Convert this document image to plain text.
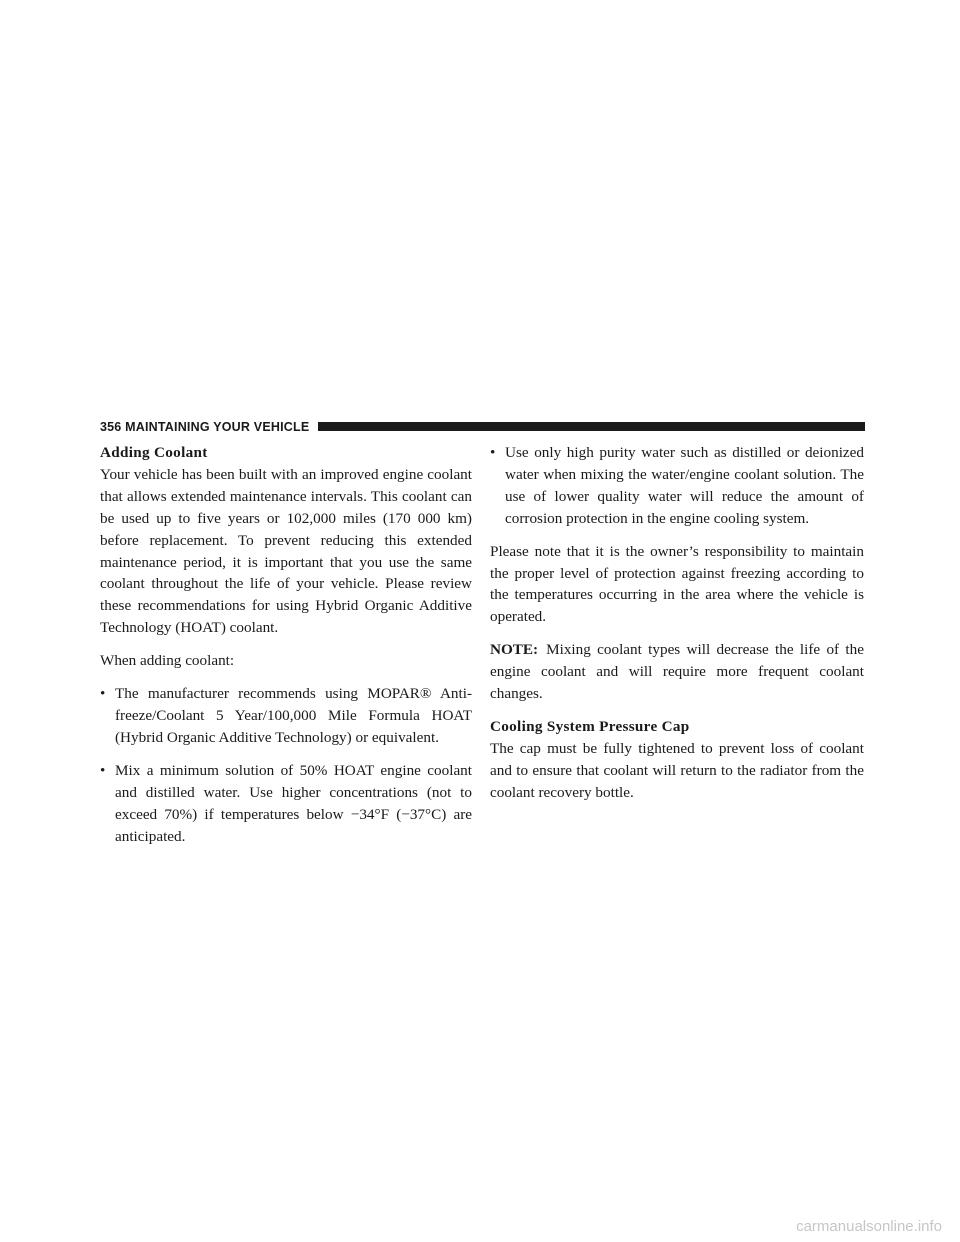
356 MAINTAINING YOUR VEHICLE
Adding Coolant

Your vehicle has been built with an improved engine coolant that allows extended maintenance intervals. This coolant can be used up to five years or 102,000 miles (170 000 km) before replacement. To prevent reducing this extended maintenance period, it is important that you use the same coolant throughout the life of your vehicle. Please review these recommendations for using Hybrid Organic Additive Technology (HOAT) coolant.

When adding coolant:

• The manufacturer recommends using MOPAR® Anti-freeze/Coolant 5 Year/100,000 Mile Formula HOAT (Hybrid Organic Additive Technology) or equivalent.
• Mix a minimum solution of 50% HOAT engine coolant and distilled water. Use higher concentrations (not to exceed 70%) if temperatures below −34°F (−37°C) are anticipated.
• Use only high purity water such as distilled or deionized water when mixing the water/engine coolant solution. The use of lower quality water will reduce the amount of corrosion protection in the engine cooling system.

Please note that it is the owner’s responsibility to maintain the proper level of protection against freezing according to the temperatures occurring in the area where the vehicle is operated.

NOTE: Mixing coolant types will decrease the life of the engine coolant and will require more frequent coolant changes.

Cooling System Pressure Cap

The cap must be fully tightened to prevent loss of coolant and to ensure that coolant will return to the radiator from the coolant recovery bottle.

carmanualsonline.info
